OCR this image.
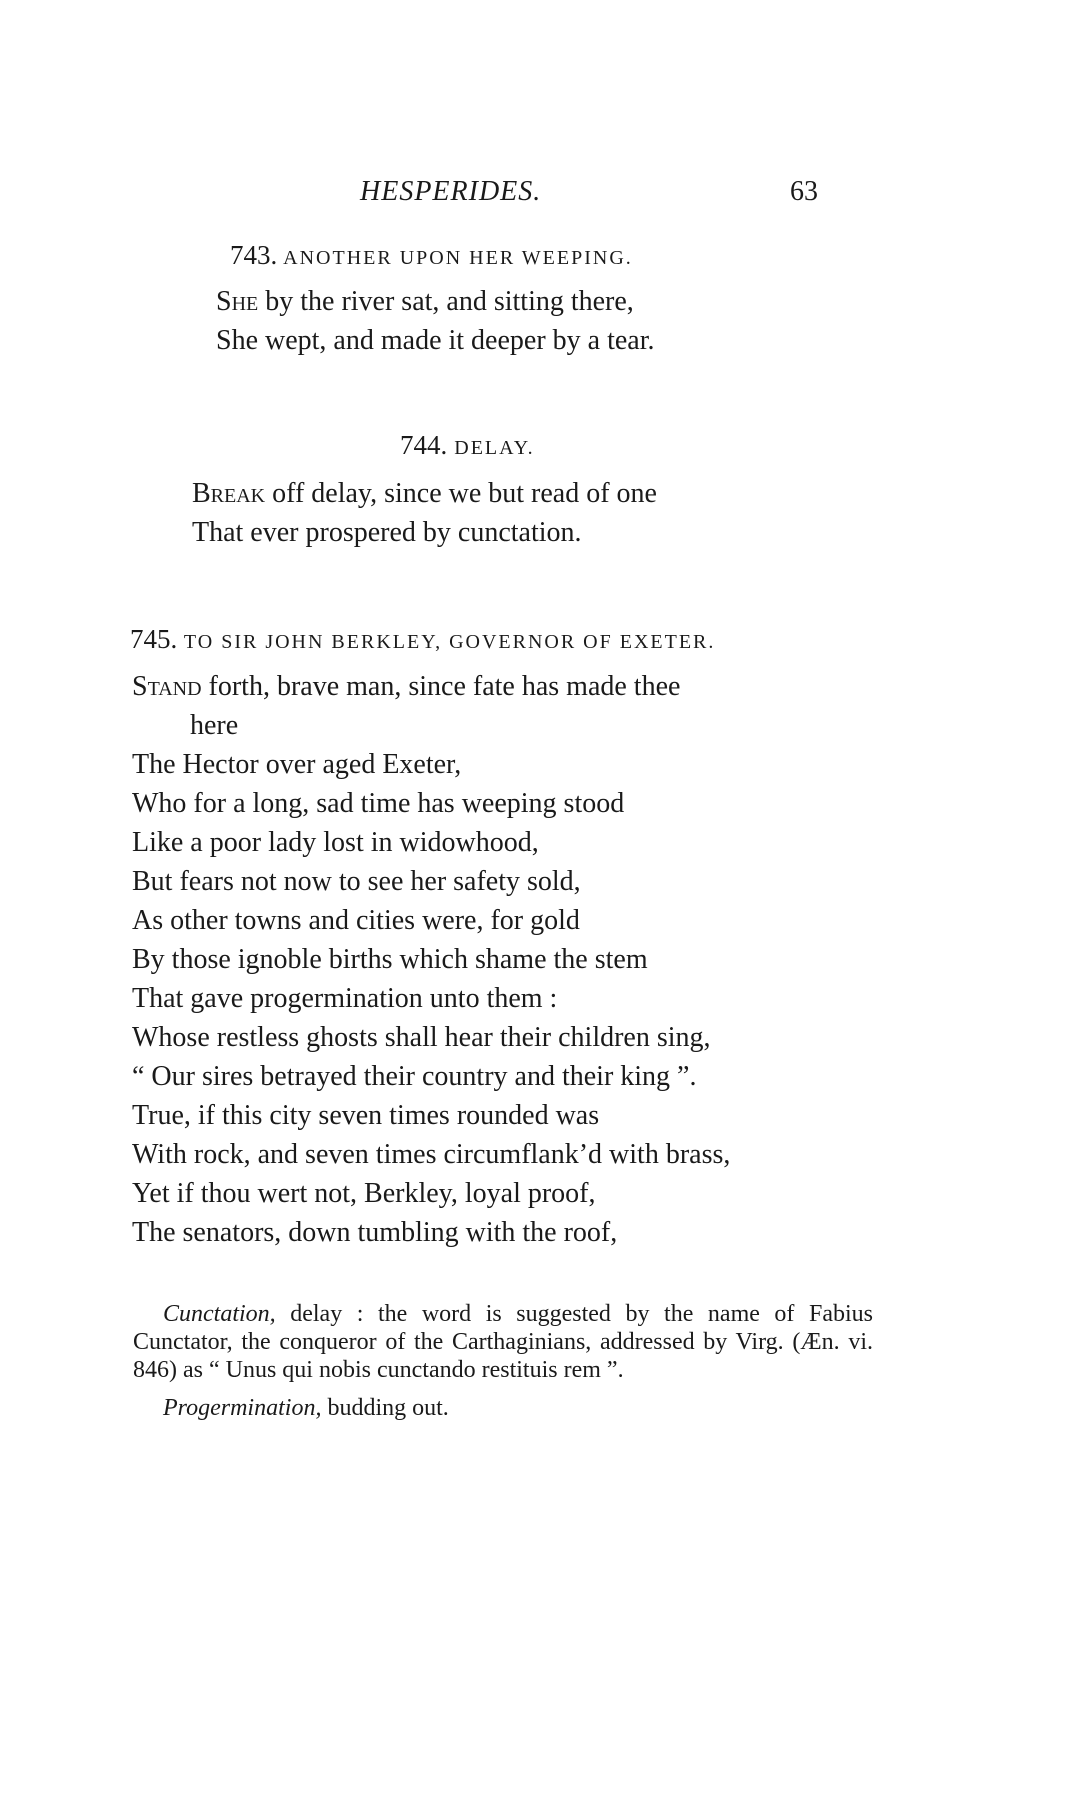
HESPERIDES.	63
743. ANOTHER UPON HER WEEPING.
She by the river sat, and sitting there,
She wept, and made it deeper by a tear.
744. DELAY.
Break off delay, since we but read of one
That ever prospered by cunctation.
745. TO SIR JOHN BERKLEY, GOVERNOR OF EXETER.
Stand forth, brave man, since fate has made thee
here
The Hector over aged Exeter,
Who for a long, sad time has weeping stood
Like a poor lady lost in widowhood,
But fears not now to see her safety sold,
As other towns and cities were, for gold
By those ignoble births which shame the stem
That gave progermination unto them :
Whose restless ghosts shall hear their children sing,
“ Our sires betrayed their country and their king ”.
True, if this city seven times rounded was
With rock, and seven times circumflank’d with brass,
Yet if thou wert not, Berkley, loyal proof,
The senators, down tumbling with the roof,

Cunctation, delay : the word is suggested by the name of Fabius Cunctator, the conqueror of the Carthaginians, addressed by Virg. (Æn. vi. 846) as “ Unus qui nobis cunctando restituis rem ”.

Progermination, budding out.
